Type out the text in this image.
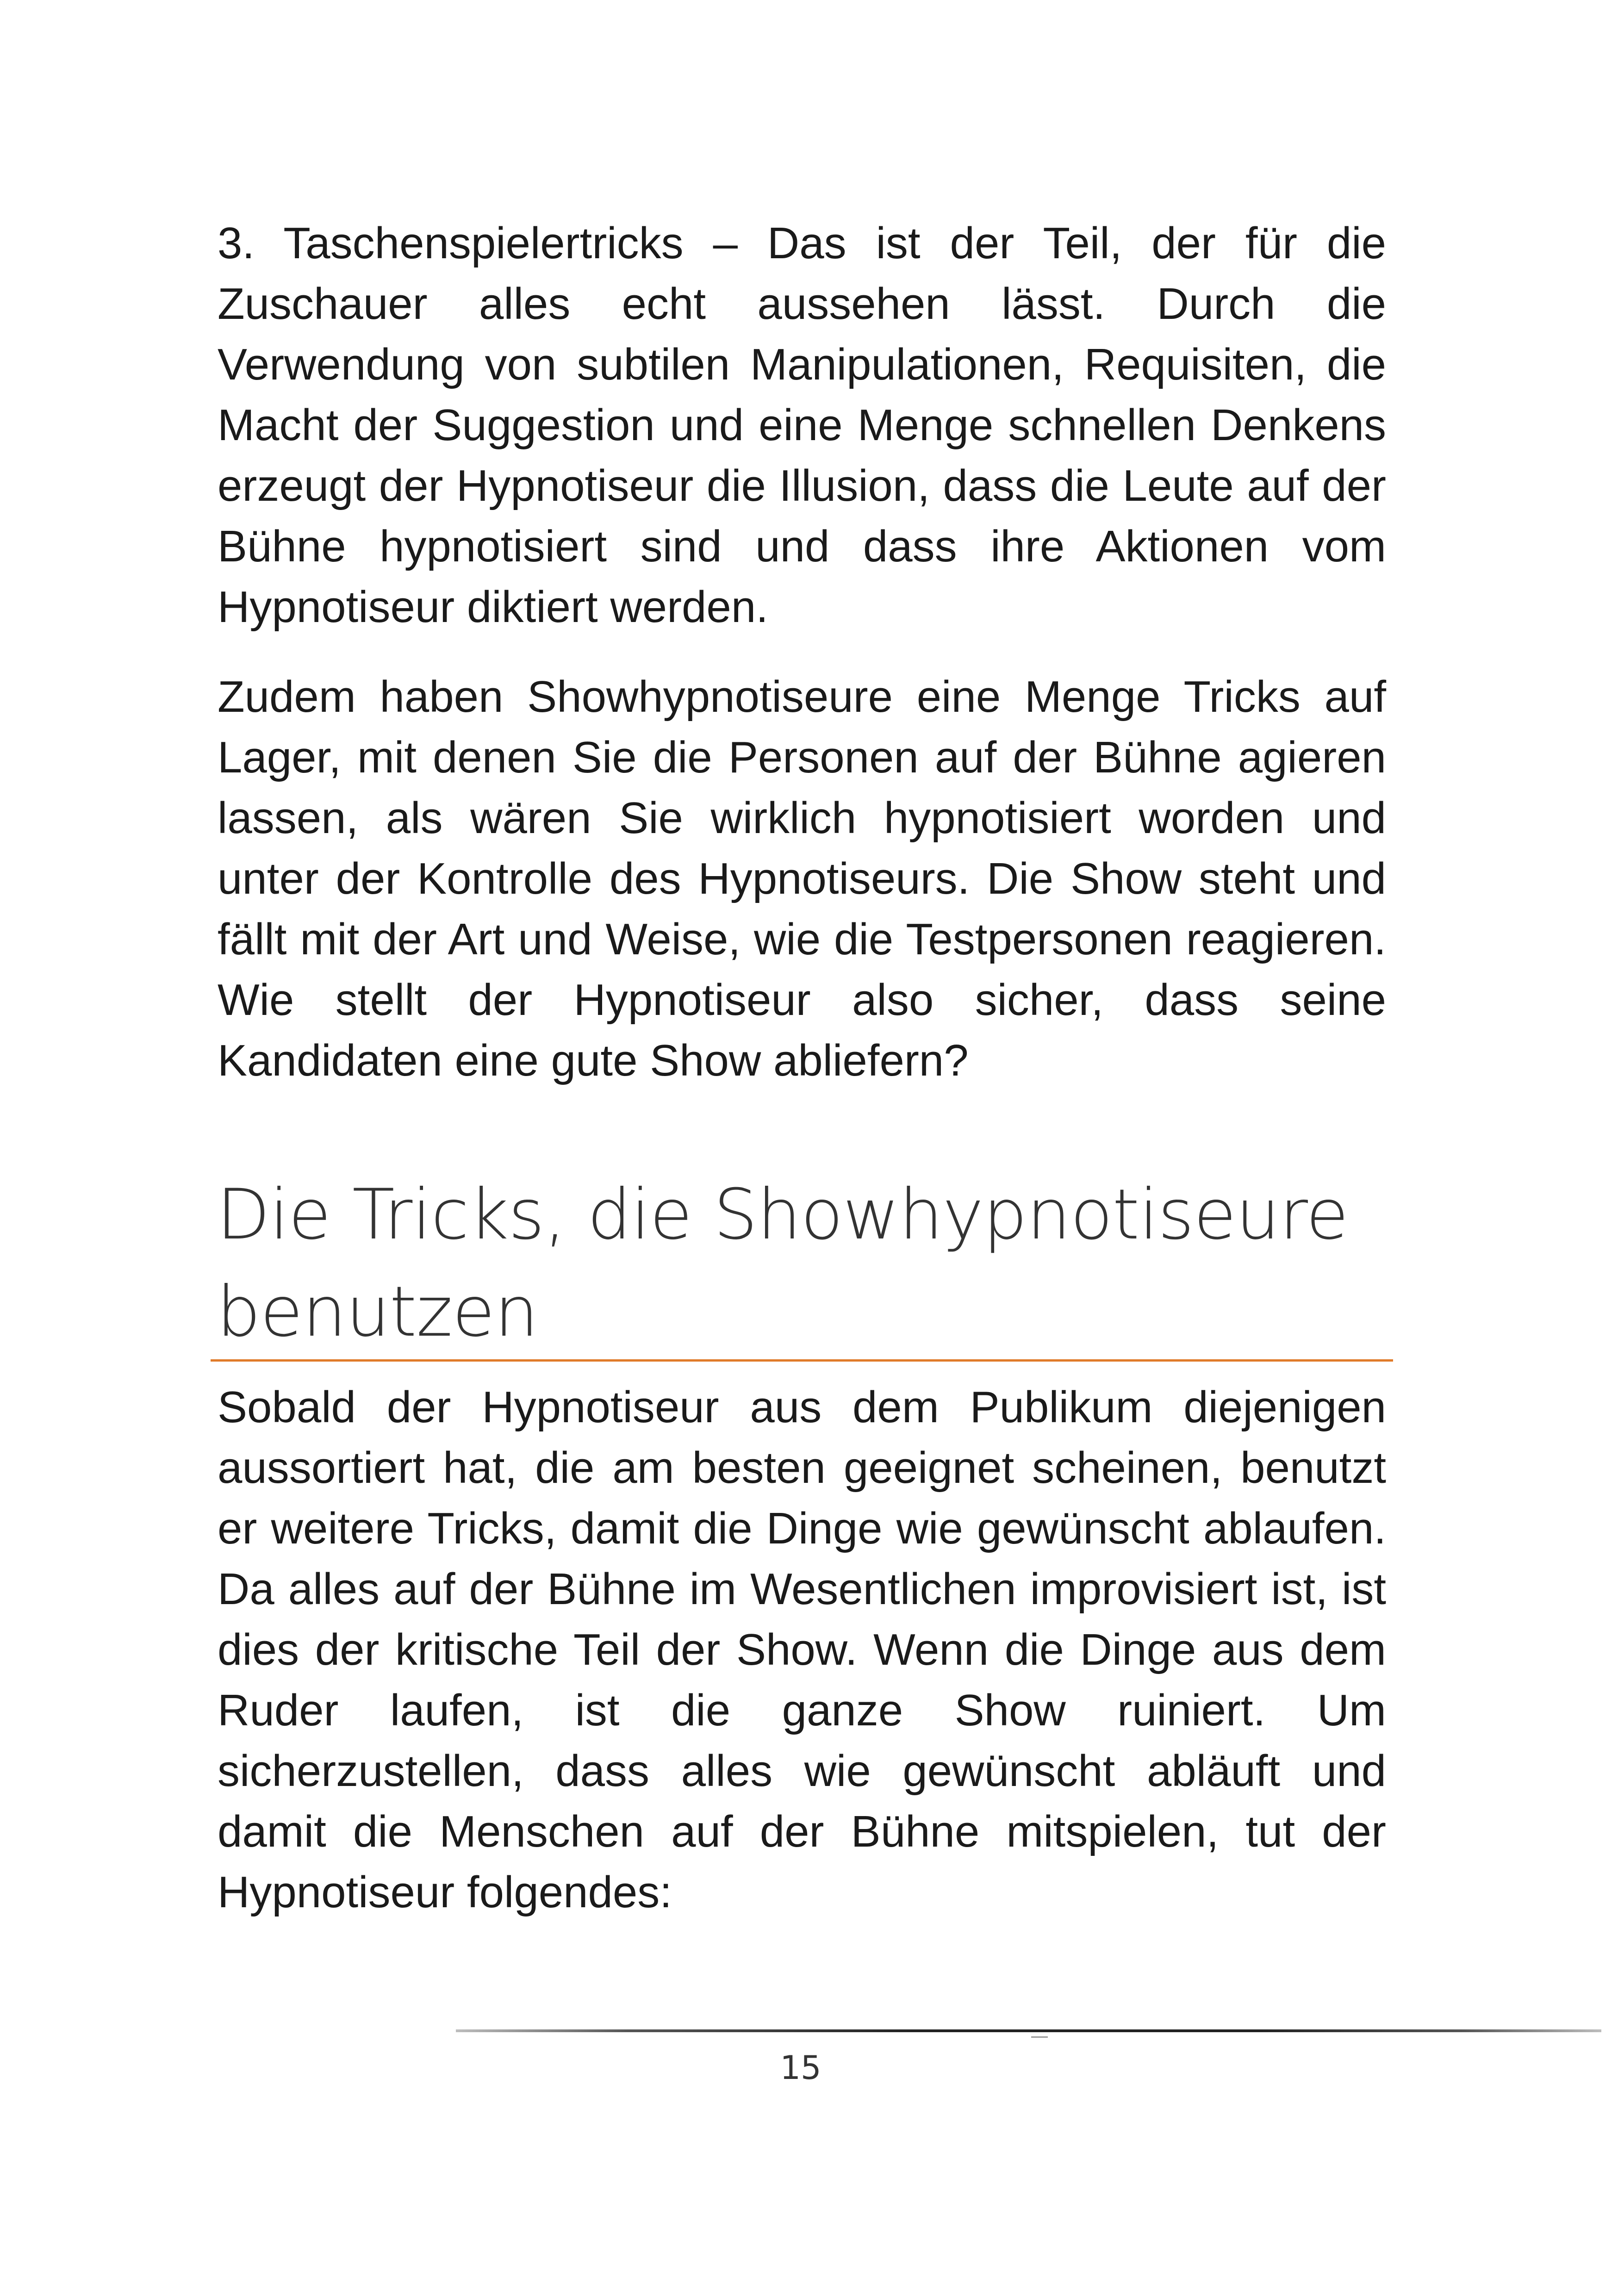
3. Taschenspielertricks – Das ist der Teil, der für die Zuschauer alles echt aussehen lässt. Durch die Verwendung von subtilen Manipulationen, Requisiten, die Macht der Suggestion und eine Menge schnellen Denkens erzeugt der Hypnotiseur die Illusion, dass die Leute auf der Bühne hypnotisiert sind und dass ihre Aktionen vom Hypnotiseur diktiert werden.

Zudem haben Showhypnotiseure eine Menge Tricks auf Lager, mit denen Sie die Personen auf der Bühne agieren lassen, als wären Sie wirklich hypnotisiert worden und unter der Kontrolle des Hypnotiseurs. Die Show steht und fällt mit der Art und Weise, wie die Testpersonen reagieren. Wie stellt der Hypnotiseur also sicher, dass seine Kandidaten eine gute Show abliefern?

Die Tricks, die Showhypnotiseure benutzen

Sobald der Hypnotiseur aus dem Publikum diejenigen aussortiert hat, die am besten geeignet scheinen, benutzt er weitere Tricks, damit die Dinge wie gewünscht ablaufen. Da alles auf der Bühne im Wesentlichen improvisiert ist, ist dies der kritische Teil der Show. Wenn die Dinge aus dem Ruder laufen, ist die ganze Show ruiniert. Um sicherzustellen, dass alles wie gewünscht abläuft und damit die Menschen auf der Bühne mitspielen, tut der Hypnotiseur folgendes:

15
